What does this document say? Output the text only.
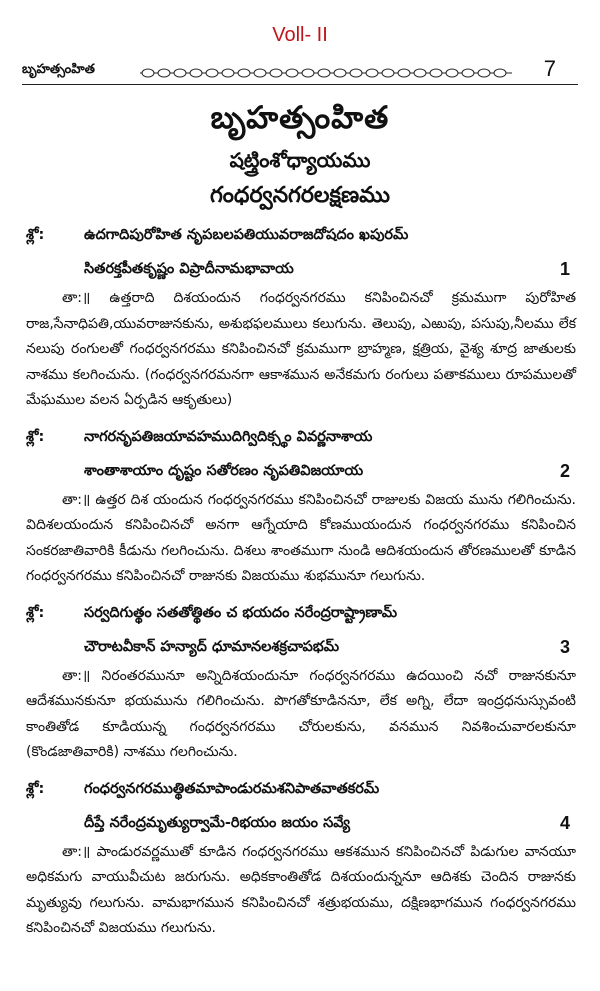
Voll- II
బృహత్సంహిత	7
బృహత్సంహిత
షట్త్రింశోధ్యాయము
గంధర్వనగరలక్షణము
శ్లో:	ఉదగాదిపురోహిత నృపబలపతియువరాజదోషదం ఖపురమ్
సితరక్తపీతకృష్ణం విప్రాదీనామభావాయ	1

తా:॥ ఉత్తరాది దిశయందున గంధర్వనగరము కనిపించినచో క్రమముగా పురోహిత రాజ,సేనాధిపతి,యువరాజునకును, అశుభఫలములు కలుగును. తెలుపు, ఎఱుపు, పసుపు,నీలము లేక నలుపు రంగులతో గంధర్వనగరము కనిపించినచో క్రమముగా బ్రాహ్మణ, క్షత్రియ, వైశ్య శూద్ర జాతులకు నాశము కలగించును. (గంధర్వనగరమనగా ఆకాశమున అనేకమగు రంగులు పతాకములు రూపములతో మేఘముల వలన ఏర్పడిన ఆకృతులు)

శ్లో:	నాగరనృపతిజయావహముదిగ్విదిక్స్థం వివర్ణనాశాయ
శాంతాశాయాం దృష్టం సతోరణం నృపతివిజయాయ	2

తా:॥ ఉత్తర దిశ యందున గంధర్వనగరము కనిపించినచో రాజులకు విజయ మును గలిగించును. విదిశలయందున కనిపించినచో అనగా ఆగ్నేయాది కోణముయందున గంధర్వనగరము కనిపించిన సంకరజాతివారికి కీడును గలగించును. దిశలు శాంతముగా నుండి ఆదిశయందున తోరణములతో కూడిన గంధర్వనగరము కనిపించినచో రాజునకు విజయము శుభమునూ గలుగును.

శ్లో:	సర్వదిగుత్థం సతతోత్థితం చ భయదం నరేంద్రరాష్ట్రాణామ్
చౌరాటవీకాన్ హన్యాద్ ధూమానలశక్రచాపభమ్	3

తా:॥ నిరంతరమునూ అన్నిదిశయందునూ గంధర్వనగరము ఉదయించి నచో రాజునకునూ ఆదేశమునకునూ భయమును గలిగించును. పొగతోకూడిననూ, లేక అగ్ని, లేదా ఇంద్రధనుస్సువంటి కాంతితోడ కూడియున్న గంధర్వనగరము చోరులకును, వనమున నివశించువారలకునూ (కొండజాతివారికి) నాశము గలగించును.

శ్లో:	గంధర్వనగరముత్థితమాపాండురమశనిపాతవాతకరమ్
దీప్తే నరేంద్రమృత్యుర్వామే-రిభయం జయం సవ్యే	4

తా:॥ పాండురవర్ణముతో కూడిన గంధర్వనగరము ఆకశమున కనిపించినచో పిడుగుల వానయూ అధికమగు వాయువీచుట జరుగును. అధికకాంతితోడ దిశయందున్ననూ ఆదిశకు చెందిన రాజునకు మృత్యువు గలుగును. వామభాగమున కనిపించినచో శత్రుభయము, దక్షిణభాగమున గంధర్వనగరము కనిపించినచో విజయము గలుగును.
